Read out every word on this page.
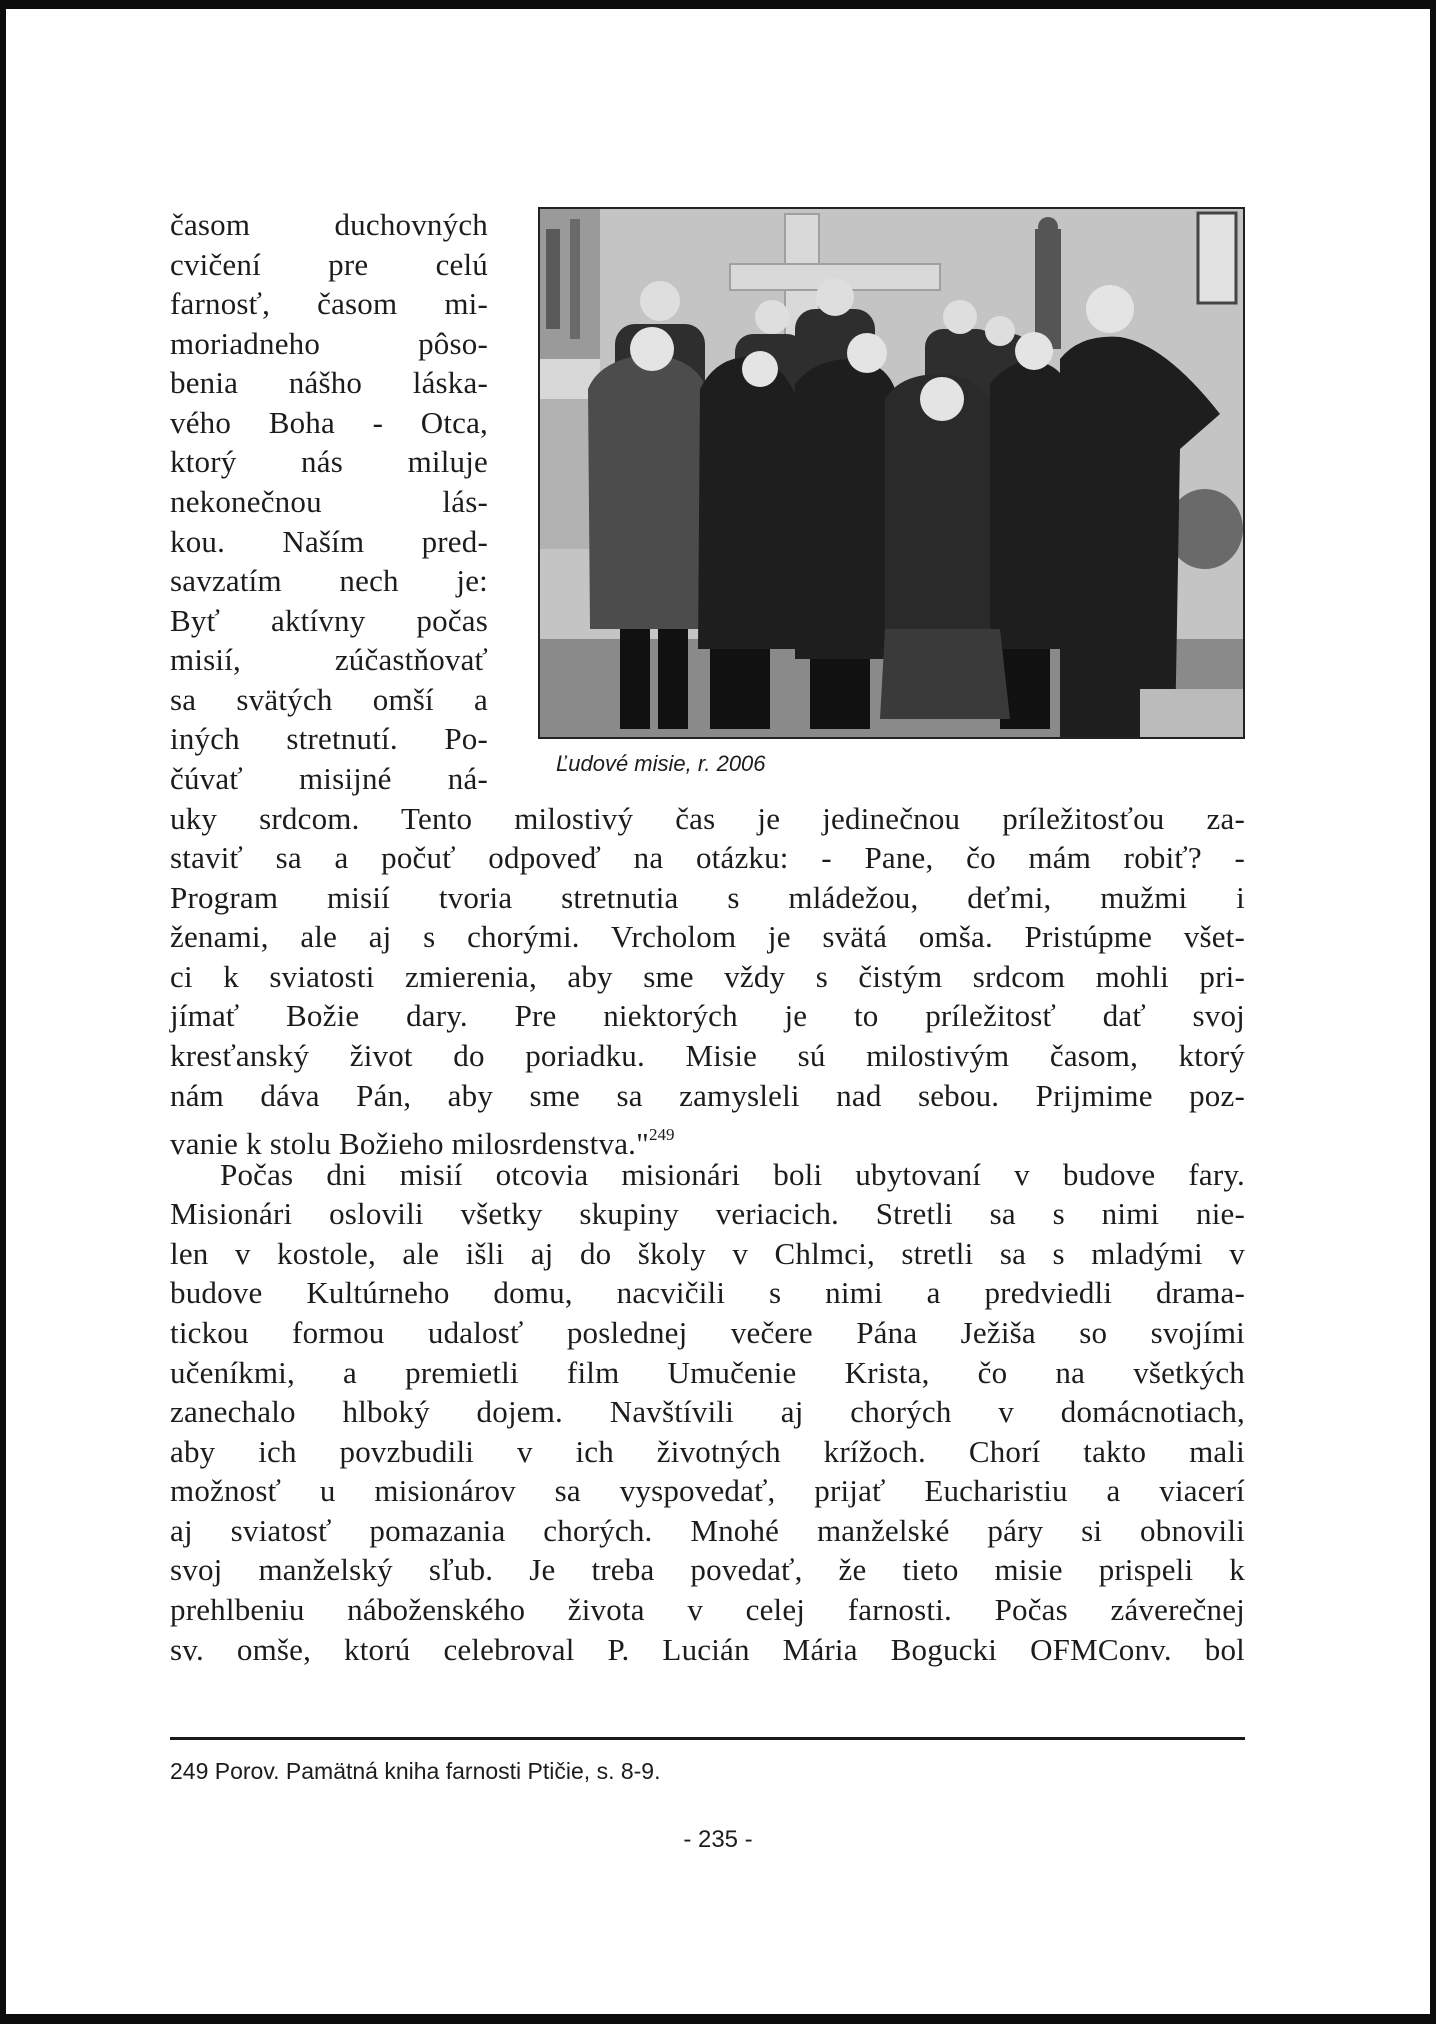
časom duchovných
cvičení pre celú
farnosť, časom mi-
moriadneho pôso-
benia nášho láska-
vého Boha - Otca,
ktorý nás miluje
nekonečnou lás-
kou. Naším pred-
savzatím nech je:
Byť aktívny počas
misií, zúčastňovať
sa svätých omší a
iných stretnutí. Po-
čúvať misijné ná-
uky srdcom. Tento milostivý čas je jedinečnou príležitosťou za-
staviť sa a počuť odpoveď na otázku: - Pane, čo mám robiť? -
Program misií tvoria stretnutia s mládežou, deťmi, mužmi i
ženami, ale aj s chorými. Vrcholom je svätá omša. Pristúpme všet-
ci k sviatosti zmierenia, aby sme vždy s čistým srdcom mohli pri-
jímať Božie dary. Pre niektorých je to príležitosť dať svoj
kresťanský život do poriadku. Misie sú milostivým časom, ktorý
nám dáva Pán, aby sme sa zamysleli nad sebou. Prijmime poz-
vanie k stolu Božieho milosrdenstva."$^{249}$
Počas dni misií otcovia misionári boli ubytovaní v budove fary.
Misionári oslovili všetky skupiny veriacich. Stretli sa s nimi nie-
len v kostole, ale išli aj do školy v Chlmci, stretli sa s mladými v
budove Kultúrneho domu, nacvičili s nimi a predviedli drama-
tickou formou udalosť poslednej večere Pána Ježiša so svojími
učeníkmi, a premietli film Umučenie Krista, čo na všetkých
zanechalo hlboký dojem. Navštívili aj chorých v domácnotiach,
aby ich povzbudili v ich životných krížoch. Chorí takto mali
možnosť u misionárov sa vyspovedať, prijať Eucharistiu a viacerí
aj sviatosť pomazania chorých. Mnohé manželské páry si obnovili
svoj manželský sľub. Je treba povedať, že tieto misie prispeli k
prehlbeniu náboženského života v celej farnosti. Počas záverečnej
sv. omše, ktorú celebroval P. Lucián Mária Bogucki OFMConv. bol
Ľudové misie, r. 2006
249 Porov. Pamätná kniha farnosti Ptičie, s. 8-9.
- 235 -
